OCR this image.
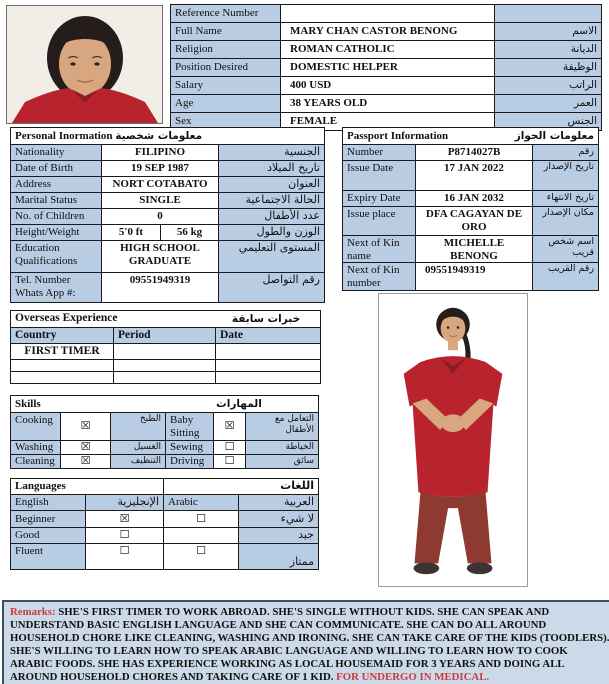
Reference Number		
Full Name	MARY CHAN CASTOR BENONG	الاسم
Religion	ROMAN CATHOLIC	الديانة
Position Desired	DOMESTIC HELPER	الوظيفة
Salary	400 USD	الراتب
Age	38 YEARS OLD	العمر
Sex	FEMALE	الجنس
Personal Inormation معلومات شخصية			
Nationality	FILIPINO		الجنسية
Date of Birth	19 SEP 1987		تاريخ الميلاد
Address	NORT COTABATO		العنوان
Marital Status	SINGLE		الحالة الاجتماعية
No. of Children	0		عدد الأطفال
Height/Weight	5'0 ft	56 kg	الوزن والطول

Education
Qualifications	HIGH SCHOOL GRADUATE		المستوى التعليمي

Tel. Number
Whats App #:	09551949319		رقم التواصل
Passport Information معلومات الجواز		

Number	P8714027B	رقم
Issue Date	17 JAN 2022	تاريخ الإصدار
Expiry Date	16 JAN 2032	تاريخ الانتهاء
Issue place	DFA CAGAYAN DE ORO	مكان الإصدار
Next of Kin name	MICHELLE BENONG	اسم شخص قريب
Next of Kin number	09551949319	رقم القريب
Overseas Experience خبرات سابقة		

Country	Period	Date
FIRST TIMER		

Skills المهارات					

Cooking	☒	الطبخ	Baby Sitting	☒	التعامل مع الأطفال
Washing	☒	الغسيل	Sewing	☐	الخياطة
Cleaning	☒	التنظيف	Driving	☐	سائق
Languages		اللغات	
English	الإنجليزية	Arabic	العربية
Beginner	☒	☐	لا شيء
Good	☐		جيد
Fluent	☐	☐	ممتاز
Remarks: SHE'S FIRST TIMER TO WORK ABROAD. SHE'S SINGLE WITHOUT KIDS. SHE CAN SPEAK AND UNDERSTAND BASIC ENGLISH LANGUAGE AND SHE CAN COMMUNICATE. SHE CAN DO ALL AROUND HOUSEHOLD CHORE LIKE CLEANING, WASHING AND IRONING. SHE CAN TAKE CARE OF THE KIDS (TOODLERS). SHE'S WILLING TO LEARN HOW TO SPEAK ARABIC LANGUAGE AND WILLING TO LEARN HOW TO COOK ARABIC FOODS. SHE HAS EXPERIENCE WORKING AS LOCAL HOUSEMAID FOR 3 YEARS AND DOING ALL AROUND HOUSEHOLD CHORES AND TAKING CARE OF 1 KID. FOR UNDERGO IN MEDICAL.
